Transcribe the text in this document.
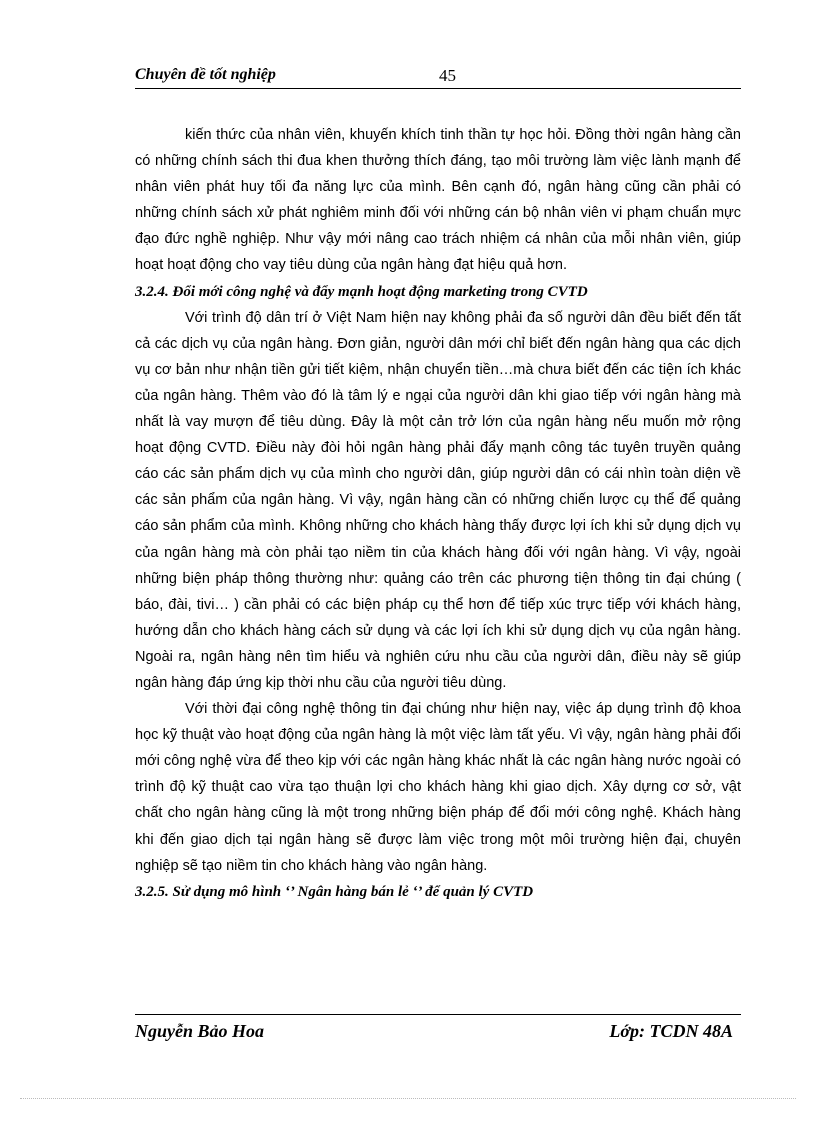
Chuyên đề tốt nghiệp	45

kiến thức của nhân viên, khuyến khích tinh thần tự học hỏi. Đồng thời ngân hàng cần có những chính sách thi đua khen thưởng thích đáng, tạo môi trường làm việc lành mạnh để nhân viên phát huy tối đa năng lực của mình. Bên cạnh đó, ngân hàng cũng cần phải có những chính sách xử phát nghiêm minh đối với những cán bộ nhân viên vi phạm chuẩn mực đạo đức nghề nghiệp. Như vậy mới nâng cao trách nhiệm cá nhân của mỗi nhân viên, giúp hoạt hoạt động cho vay tiêu dùng của ngân hàng đạt hiệu quả hơn.

3.2.4. Đổi mới công nghệ và đẩy mạnh hoạt động marketing trong CVTD

Với trình độ dân trí ở Việt Nam hiện nay không phải đa số người dân đều biết đến tất cả các dịch vụ của ngân hàng. Đơn giản, người dân mới chỉ biết đến ngân hàng qua các dịch vụ cơ bản như nhận tiền gửi tiết kiệm, nhận chuyển tiền…mà chưa biết đến các tiện ích khác của ngân hàng. Thêm vào đó là tâm lý e ngại của người dân khi giao tiếp với ngân hàng mà nhất là vay mượn để tiêu dùng. Đây là một cản trở lớn của ngân hàng nếu muốn mở rộng hoạt động CVTD. Điều này đòi hỏi ngân hàng phải đẩy mạnh công tác tuyên truyền quảng cáo các sản phẩm dịch vụ của mình cho người dân, giúp người dân có cái nhìn toàn diện về các sản phẩm của ngân hàng. Vì vậy, ngân hàng cần có những chiến lược cụ thể để quảng cáo sản phẩm của mình. Không những cho khách hàng thấy được lợi ích khi sử dụng dịch vụ của ngân hàng mà còn phải tạo niềm tin của khách hàng đối với ngân hàng. Vì vậy, ngoài những biện pháp thông thường như: quảng cáo trên các phương tiện thông tin đại chúng ( báo, đài, tivi… ) cần phải có các biện pháp cụ thể hơn để tiếp xúc trực tiếp với khách hàng, hướng dẫn cho khách hàng cách sử dụng và các lợi ích khi sử dụng dịch vụ của ngân hàng. Ngoài ra, ngân hàng nên tìm hiểu và nghiên cứu nhu cầu của người dân, điều này sẽ giúp ngân hàng đáp ứng kịp thời nhu cầu của người tiêu dùng.

Với thời đại công nghệ thông tin đại chúng như hiện nay, việc áp dụng trình độ khoa học kỹ thuật vào hoạt động của ngân hàng là một việc làm tất yếu. Vì vậy, ngân hàng phải đổi mới công nghệ vừa để theo kịp với các ngân hàng khác nhất là các ngân hàng nước ngoài có trình độ kỹ thuật cao vừa tạo thuận lợi cho khách hàng khi giao dịch. Xây dựng cơ sở, vật chất cho ngân hàng cũng là một trong những biện pháp để đổi mới công nghệ. Khách hàng khi đến giao dịch tại ngân hàng sẽ được làm việc trong một môi trường hiện đại, chuyên nghiệp sẽ tạo niềm tin cho khách hàng vào ngân hàng.

3.2.5. Sử dụng mô hình ‘’ Ngân hàng bán lẻ ‘’ để quản lý CVTD
Nguyễn Bảo Hoa	Lớp: TCDN 48A
